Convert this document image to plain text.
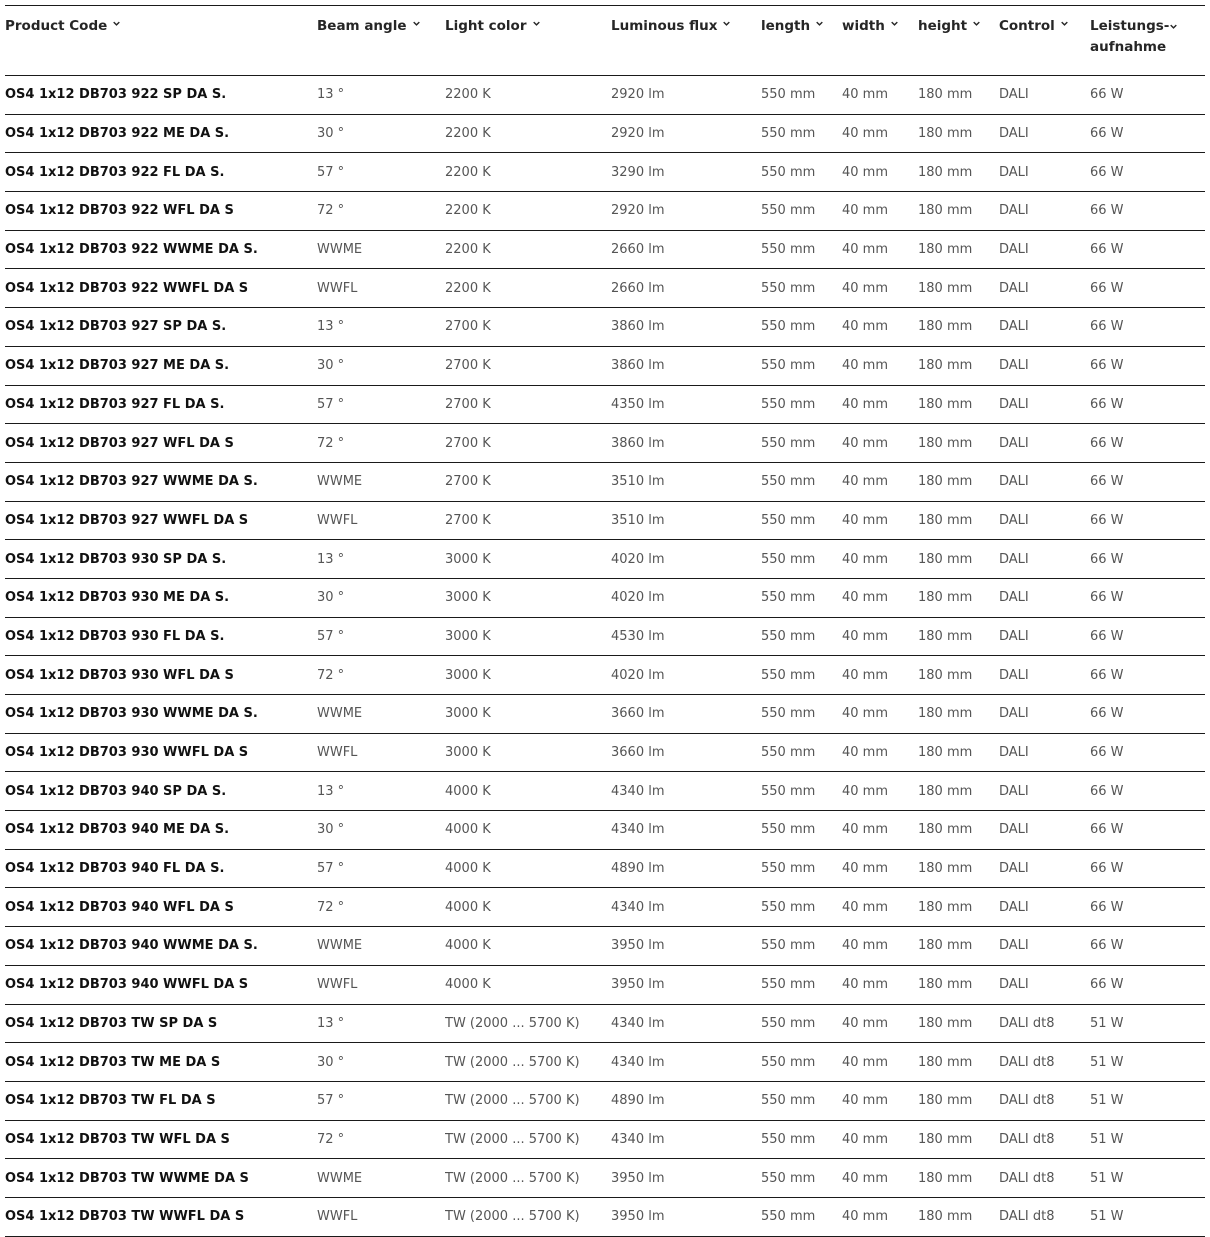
Product Code	Beam angle	Light color	Luminous flux	length	width	height	Control	Leistungs- aufnahme
OS4 1x12 DB703 922 SP DA S.	13 °	2200 K	2920 lm	550 mm	40 mm	180 mm	DALI	66 W
OS4 1x12 DB703 922 ME DA S.	30 °	2200 K	2920 lm	550 mm	40 mm	180 mm	DALI	66 W
OS4 1x12 DB703 922 FL DA S.	57 °	2200 K	3290 lm	550 mm	40 mm	180 mm	DALI	66 W
OS4 1x12 DB703 922 WFL DA S	72 °	2200 K	2920 lm	550 mm	40 mm	180 mm	DALI	66 W
OS4 1x12 DB703 922 WWME DA S.	WWME	2200 K	2660 lm	550 mm	40 mm	180 mm	DALI	66 W
OS4 1x12 DB703 922 WWFL DA S	WWFL	2200 K	2660 lm	550 mm	40 mm	180 mm	DALI	66 W
OS4 1x12 DB703 927 SP DA S.	13 °	2700 K	3860 lm	550 mm	40 mm	180 mm	DALI	66 W
OS4 1x12 DB703 927 ME DA S.	30 °	2700 K	3860 lm	550 mm	40 mm	180 mm	DALI	66 W
OS4 1x12 DB703 927 FL DA S.	57 °	2700 K	4350 lm	550 mm	40 mm	180 mm	DALI	66 W
OS4 1x12 DB703 927 WFL DA S	72 °	2700 K	3860 lm	550 mm	40 mm	180 mm	DALI	66 W
OS4 1x12 DB703 927 WWME DA S.	WWME	2700 K	3510 lm	550 mm	40 mm	180 mm	DALI	66 W
OS4 1x12 DB703 927 WWFL DA S	WWFL	2700 K	3510 lm	550 mm	40 mm	180 mm	DALI	66 W
OS4 1x12 DB703 930 SP DA S.	13 °	3000 K	4020 lm	550 mm	40 mm	180 mm	DALI	66 W
OS4 1x12 DB703 930 ME DA S.	30 °	3000 K	4020 lm	550 mm	40 mm	180 mm	DALI	66 W
OS4 1x12 DB703 930 FL DA S.	57 °	3000 K	4530 lm	550 mm	40 mm	180 mm	DALI	66 W
OS4 1x12 DB703 930 WFL DA S	72 °	3000 K	4020 lm	550 mm	40 mm	180 mm	DALI	66 W
OS4 1x12 DB703 930 WWME DA S.	WWME	3000 K	3660 lm	550 mm	40 mm	180 mm	DALI	66 W
OS4 1x12 DB703 930 WWFL DA S	WWFL	3000 K	3660 lm	550 mm	40 mm	180 mm	DALI	66 W
OS4 1x12 DB703 940 SP DA S.	13 °	4000 K	4340 lm	550 mm	40 mm	180 mm	DALI	66 W
OS4 1x12 DB703 940 ME DA S.	30 °	4000 K	4340 lm	550 mm	40 mm	180 mm	DALI	66 W
OS4 1x12 DB703 940 FL DA S.	57 °	4000 K	4890 lm	550 mm	40 mm	180 mm	DALI	66 W
OS4 1x12 DB703 940 WFL DA S	72 °	4000 K	4340 lm	550 mm	40 mm	180 mm	DALI	66 W
OS4 1x12 DB703 940 WWME DA S.	WWME	4000 K	3950 lm	550 mm	40 mm	180 mm	DALI	66 W
OS4 1x12 DB703 940 WWFL DA S	WWFL	4000 K	3950 lm	550 mm	40 mm	180 mm	DALI	66 W
OS4 1x12 DB703 TW SP DA S	13 °	TW (2000 ... 5700 K)	4340 lm	550 mm	40 mm	180 mm	DALI dt8	51 W
OS4 1x12 DB703 TW ME DA S	30 °	TW (2000 ... 5700 K)	4340 lm	550 mm	40 mm	180 mm	DALI dt8	51 W
OS4 1x12 DB703 TW FL DA S	57 °	TW (2000 ... 5700 K)	4890 lm	550 mm	40 mm	180 mm	DALI dt8	51 W
OS4 1x12 DB703 TW WFL DA S	72 °	TW (2000 ... 5700 K)	4340 lm	550 mm	40 mm	180 mm	DALI dt8	51 W
OS4 1x12 DB703 TW WWME DA S	WWME	TW (2000 ... 5700 K)	3950 lm	550 mm	40 mm	180 mm	DALI dt8	51 W
OS4 1x12 DB703 TW WWFL DA S	WWFL	TW (2000 ... 5700 K)	3950 lm	550 mm	40 mm	180 mm	DALI dt8	51 W
